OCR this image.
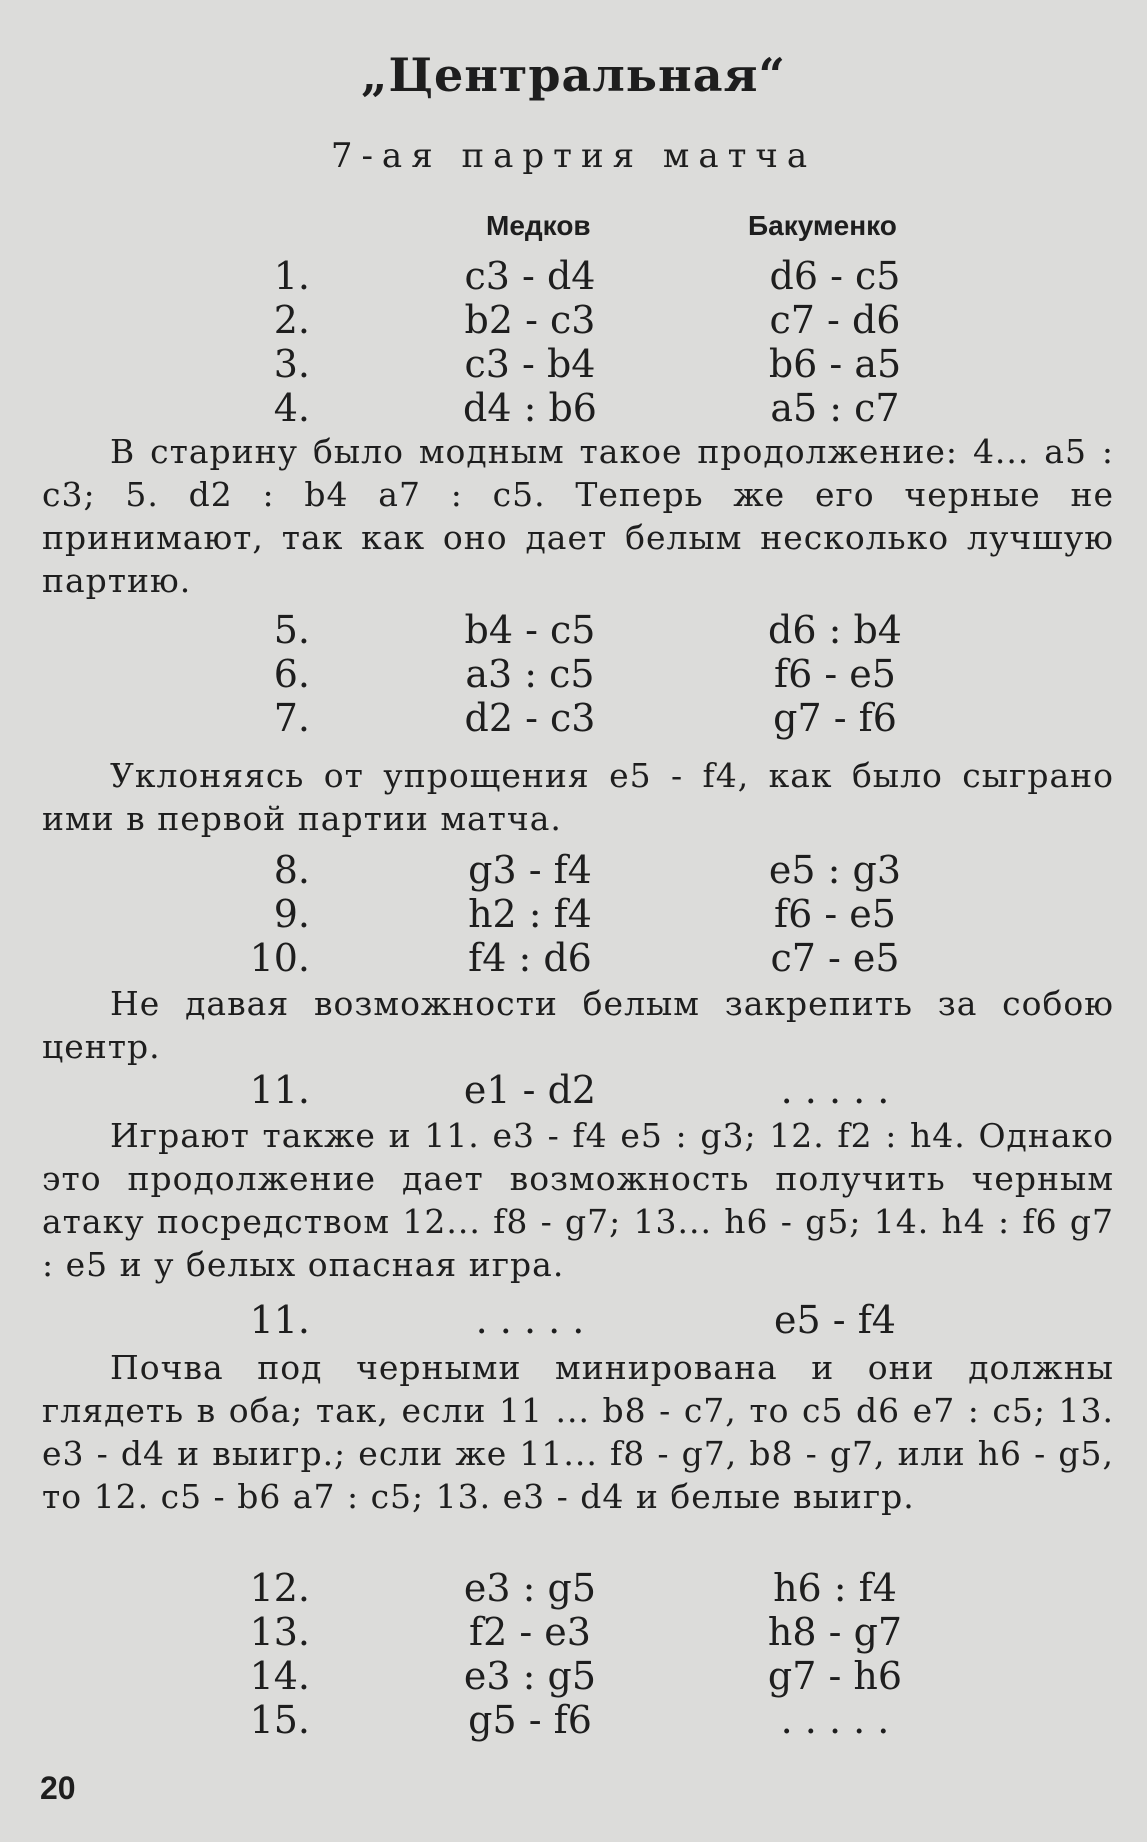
„Центральная“
7-ая партия матча
Медков	Бакуменко
1.	c3 - d4	d6 - c5
2.	b2 - c3	c7 - d6
3.	c3 - b4	b6 - a5
4.	d4 : b6	a5 : c7
В старину было модным такое продолжение: 4... a5 : c3; 5. d2 : b4 a7 : c5. Теперь же его черные не принимают, так как оно дает белым несколько лучшую партию.
5.	b4 - c5	d6 : b4
6.	a3 : c5	f6 - e5
7.	d2 - c3	g7 - f6
Уклоняясь от упрощения e5 - f4, как было сыграно ими в первой партии матча.
8.	g3 - f4	e5 : g3
9.	h2 : f4	f6 - e5
10.	f4 : d6	c7 - e5
Не давая возможности белым закрепить за собою центр.
11.	e1 - d2	. . . . .
Играют также и 11. e3 - f4 e5 : g3; 12. f2 : h4. Однако это продолжение дает возможность получить черным атаку посредством 12... f8 - g7; 13... h6 - g5; 14. h4 : f6 g7 : e5 и у белых опасная игра.
11.	. . . . .	e5 - f4
Почва под черными минирована и они должны глядеть в оба; так, если 11 ... b8 - c7, то c5 d6 e7 : c5; 13. e3 - d4 и выигр.; если же 11... f8 - g7, b8 - g7, или h6 - g5, то 12. c5 - b6 a7 : c5; 13. e3 - d4 и белые выигр.
12.	e3 : g5	h6 : f4
13.	f2 - e3	h8 - g7
14.	e3 : g5	g7 - h6
15.	g5 - f6	. . . . .
20
